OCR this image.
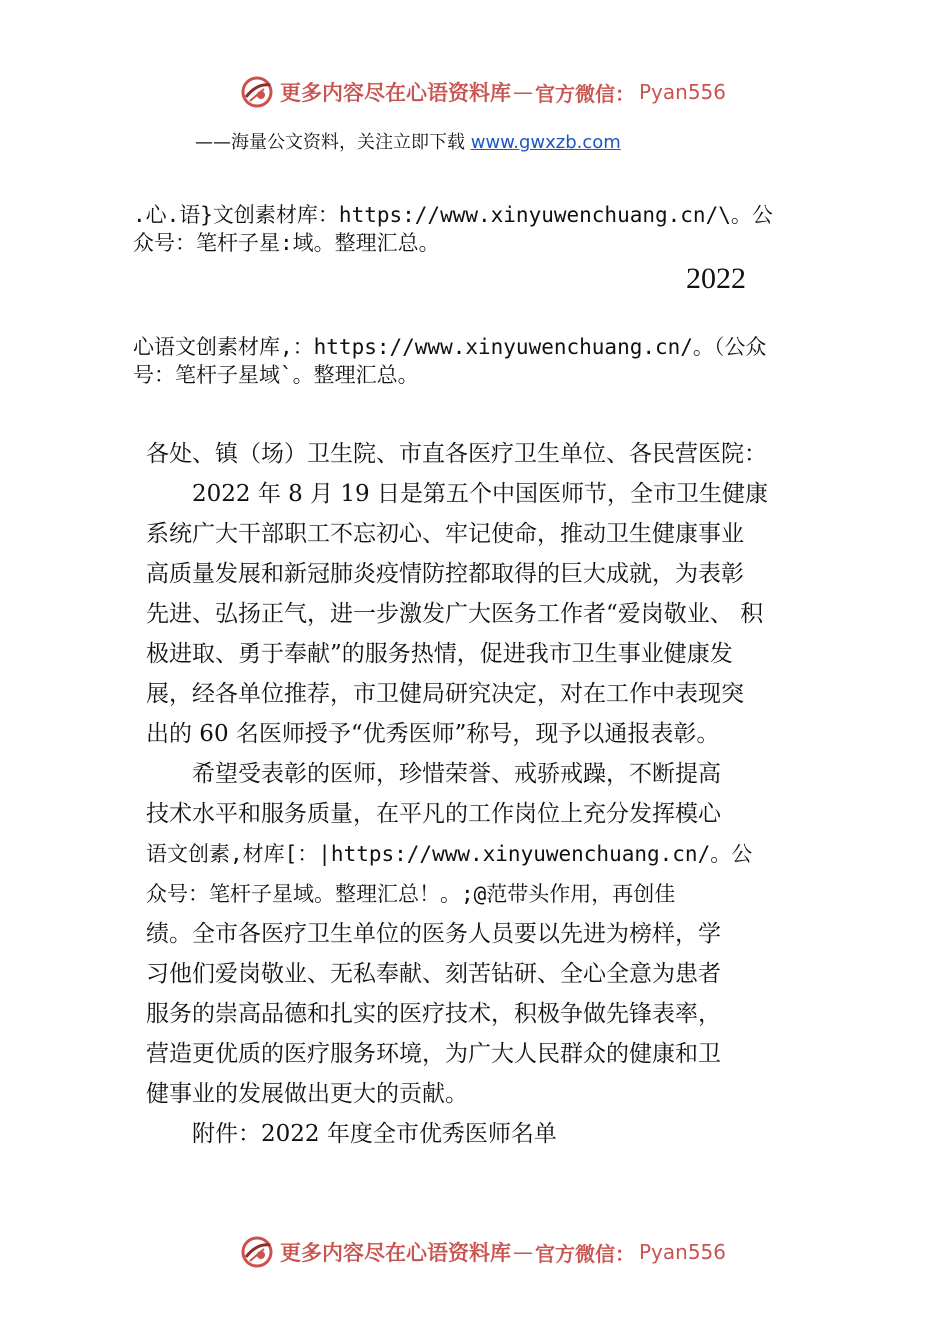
更多内容尽在心语资料库 — 官方微信： Pyan556
——海量公文资料，关注立即下载 www.gwxzb.com
.心.语}文创素材库：https://www.xinyuwenchuang.cn/\。公
众号：笔杆子星:域。整理汇总。
2022
心语文创素材库,：https://www.xinyuwenchuang.cn/。（公众
号：笔杆子星域`。整理汇总。
各处、镇（场）卫生院、市直各医疗卫生单位、各民营医院：
2022 年 8 月 19 日是第五个中国医师节，全市卫生健康
系统广大干部职工不忘初心、牢记使命，推动卫生健康事业
高质量发展和新冠肺炎疫情防控都取得的巨大成就，为表彰
先进、弘扬正气，进一步激发广大医务工作者“爱岗敬业、 积
极进取、勇于奉献”的服务热情，促进我市卫生事业健康发
展，经各单位推荐，市卫健局研究决定，对在工作中表现突
出的 60 名医师授予“优秀医师”称号，现予以通报表彰。
希望受表彰的医师，珍惜荣誉、戒骄戒躁，不断提高
技术水平和服务质量，在平凡的工作岗位上充分发挥模心
语文创素,材库[：|https://www.xinyuwenchuang.cn/。公
众号：笔杆子星域。整理汇总！。;@范带头作用，再创佳
绩。全市各医疗卫生单位的医务人员要以先进为榜样，学
习他们爱岗敬业、无私奉献、刻苦钻研、全心全意为患者
服务的崇高品德和扎实的医疗技术，积极争做先锋表率，
营造更优质的医疗服务环境，为广大人民群众的健康和卫
健事业的发展做出更大的贡献。
附件：2022 年度全市优秀医师名单
更多内容尽在心语资料库 — 官方微信： Pyan556
